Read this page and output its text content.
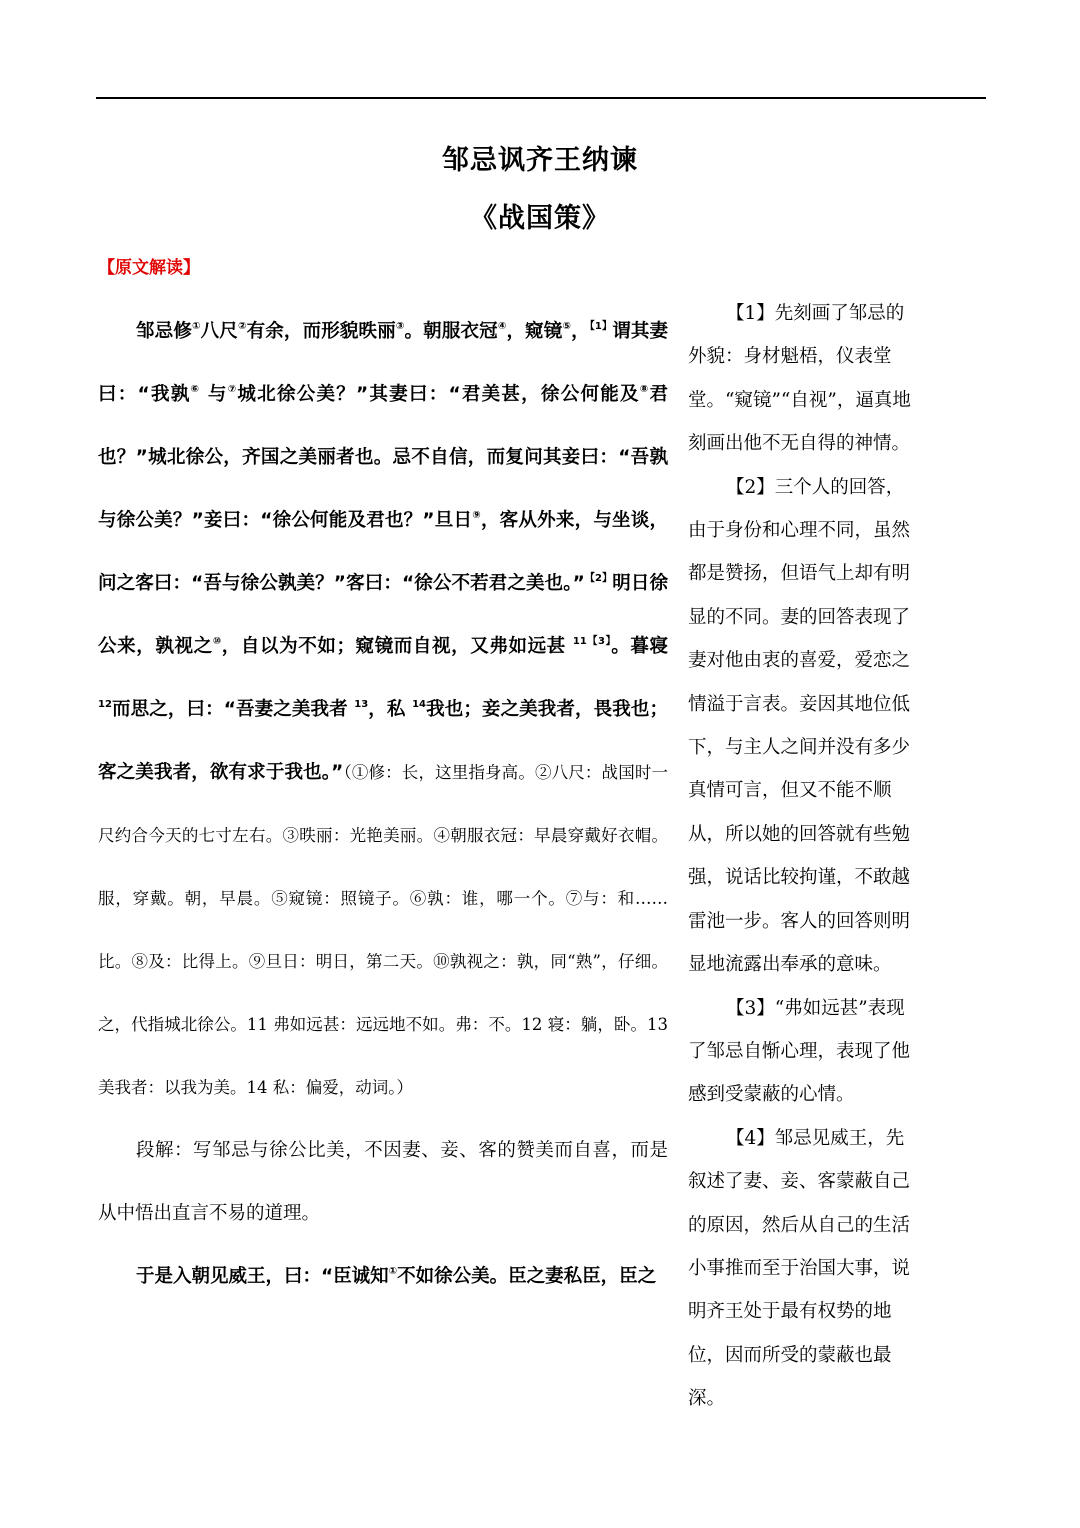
邹忌讽齐王纳谏
《战国策》
【原文解读】

邹忌修①八尺②有余，而形貌昳丽③。朝服衣冠④，窥镜⑤，$^{【1】}$谓其妻曰：“我孰⑥ 与⑦城北徐公美？”其妻曰：“君美甚，徐公何能及⑧君也？”城北徐公，齐国之美丽者也。忌不自信，而复问其妾曰：“吾孰与徐公美？”妾曰：“徐公何能及君也？”旦日⑨，客从外来，与坐谈，问之客曰：“吾与徐公孰美？”客曰：“徐公不若君之美也。”$^{【2】}$明日徐公来，孰视之⑩，自以为不如；窥镜而自视，又弗如远甚 $^{11【3】}$。暮寝 $^{12}$而思之，曰：“吾妻之美我者 $^{13}$，私 $^{14}$我也；妾之美我者，畏我也；客之美我者，欲有求于我也。”（①修：长，这里指身高。②八尺：战国时一尺约合今天的七寸左右。③昳丽：光艳美丽。④朝服衣冠：早晨穿戴好衣帽。服，穿戴。朝，早晨。⑤窥镜：照镜子。⑥孰：谁，哪一个。⑦与：和……比。⑧及：比得上。⑨旦日：明日，第二天。⑩孰视之：孰，同“熟”，仔细。之，代指城北徐公。11 弗如远甚：远远地不如。弗：不。12 寝：躺，卧。13 美我者：以我为美。14 私：偏爱，动词。）

段解：写邹忌与徐公比美，不因妻、妾、客的赞美而自喜，而是从中悟出直言不易的道理。

于是入朝见威王，曰：“臣诚知①不如徐公美。臣之妻私臣，臣之

【1】先刻画了邹忌的外貌：身材魁梧，仪表堂堂。“窥镜”“自视”，逼真地刻画出他不无自得的神情。

【2】三个人的回答，由于身份和心理不同，虽然都是赞扬，但语气上却有明显的不同。妻的回答表现了妻对他由衷的喜爱，爱恋之情溢于言表。妾因其地位低下，与主人之间并没有多少真情可言，但又不能不顺从，所以她的回答就有些勉强，说话比较拘谨，不敢越雷池一步。客人的回答则明显地流露出奉承的意味。

【3】“弗如远甚”表现了邹忌自惭心理，表现了他感到受蒙蔽的心情。

【4】邹忌见威王，先叙述了妻、妾、客蒙蔽自己的原因，然后从自己的生活小事推而至于治国大事，说明齐王处于最有权势的地位，因而所受的蒙蔽也最深。
